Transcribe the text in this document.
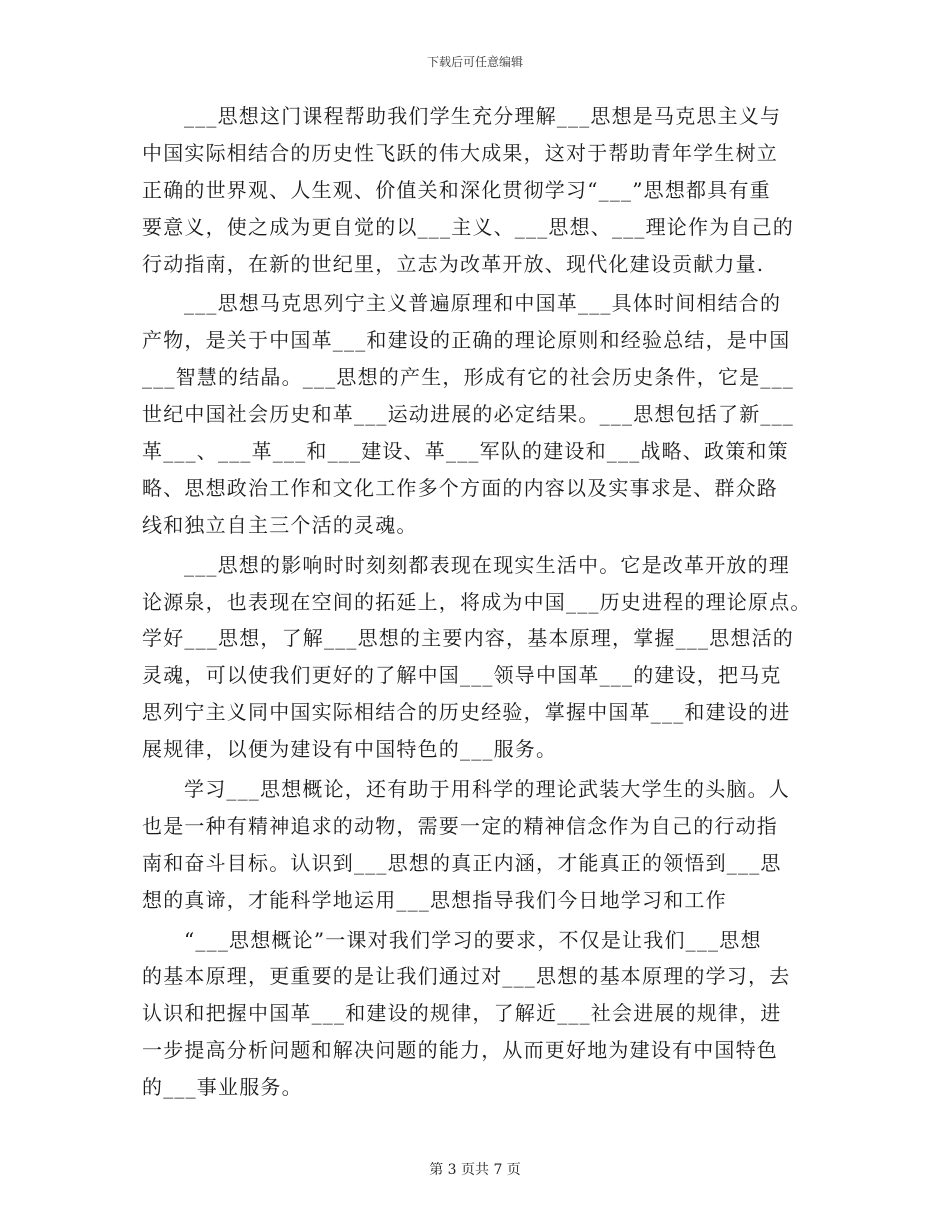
下载后可任意编辑
___思想这门课程帮助我们学生充分理解___思想是马克思主义与
中国实际相结合的历史性飞跃的伟大成果，这对于帮助青年学生树立
正确的世界观、人生观、价值关和深化贯彻学习“___”思想都具有重
要意义，使之成为更自觉的以___主义、___思想、___理论作为自己的
行动指南，在新的世纪里，立志为改革开放、现代化建设贡献力量.
___思想马克思列宁主义普遍原理和中国革___具体时间相结合的
产物，是关于中国革___和建设的正确的理论原则和经验总结，是中国
___智慧的结晶。___思想的产生，形成有它的社会历史条件，它是___
世纪中国社会历史和革___运动进展的必定结果。___思想包括了新___
革___、___革___和___建设、革___军队的建设和___战略、政策和策
略、思想政治工作和文化工作多个方面的内容以及实事求是、群众路
线和独立自主三个活的灵魂。
___思想的影响时时刻刻都表现在现实生活中。它是改革开放的理
论源泉，也表现在空间的拓延上，将成为中国___历史进程的理论原点。
学好___思想，了解___思想的主要内容，基本原理，掌握___思想活的
灵魂，可以使我们更好的了解中国___领导中国革___的建设，把马克
思列宁主义同中国实际相结合的历史经验，掌握中国革___和建设的进
展规律，以便为建设有中国特色的___服务。
学习___思想概论，还有助于用科学的理论武装大学生的头脑。人
也是一种有精神追求的动物，需要一定的精神信念作为自己的行动指
南和奋斗目标。认识到___思想的真正内涵，才能真正的领悟到___思
想的真谛，才能科学地运用___思想指导我们今日地学习和工作
“___思想概论”一课对我们学习的要求，不仅是让我们___思想
的基本原理，更重要的是让我们通过对___思想的基本原理的学习，去
认识和把握中国革___和建设的规律，了解近___社会进展的规律，进
一步提高分析问题和解决问题的能力，从而更好地为建设有中国特色
的___事业服务。
第 3 页共 7 页
